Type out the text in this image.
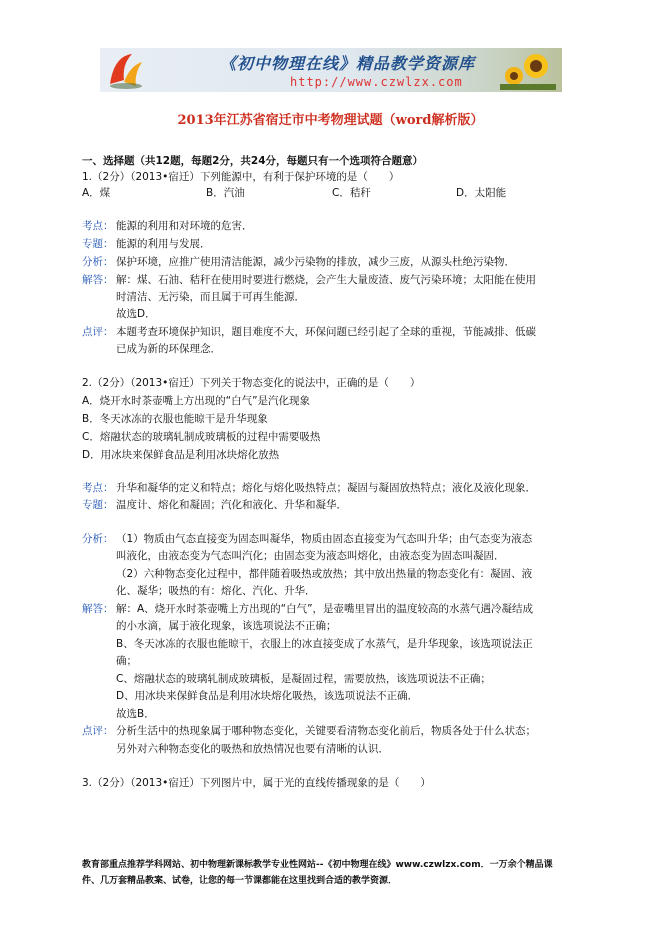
《初中物理在线》精品教学资源库
http://www.czwlzx.com
2013年江苏省宿迁市中考物理试题（word解析版）
一、选择题（共12题，每题2分，共24分，每题只有一个选项符合题意）
1.（2分）（2013•宿迁）下列能源中，有利于保护环境的是（　　）
A．煤	B．汽油	C．秸秆	D．太阳能
考点： 能源的利用和对环境的危害．
专题： 能源的利用与发展．
分析： 保护环境，应推广使用清洁能源，减少污染物的排放，减少三废，从源头杜绝污染物．
解答： 解：煤、石油、秸秆在使用时要进行燃烧，会产生大量废渣、废气污染环境；太阳能在使用
时清洁、无污染，而且属于可再生能源．
故选D．
点评： 本题考查环境保护知识，题目难度不大，环保问题已经引起了全球的重视，节能减排、低碳
已成为新的环保理念．
2.（2分）（2013•宿迁）下列关于物态变化的说法中，正确的是（　　）
A．烧开水时茶壶嘴上方出现的“白气”是汽化现象
B．冬天冰冻的衣服也能晾干是升华现象
C．熔融状态的玻璃轧制成玻璃板的过程中需要吸热
D．用冰块来保鲜食品是利用冰块熔化放热
考点： 升华和凝华的定义和特点；熔化与熔化吸热特点；凝固与凝固放热特点；液化及液化现象．
专题： 温度计、熔化和凝固；汽化和液化、升华和凝华．
分析： （1）物质由气态直接变为固态叫凝华，物质由固态直接变为气态叫升华；由气态变为液态
叫液化，由液态变为气态叫汽化；由固态变为液态叫熔化，由液态变为固态叫凝固．
（2）六种物态变化过程中，都伴随着吸热或放热；其中放出热量的物态变化有：凝固、液
化、凝华；吸热的有：熔化、汽化、升华．
解答： 解：A、烧开水时茶壶嘴上方出现的“白气”，是壶嘴里冒出的温度较高的水蒸气遇冷凝结成
的小水滴，属于液化现象，该选项说法不正确；
B、冬天冰冻的衣服也能晾干，衣服上的冰直接变成了水蒸气，是升华现象，该选项说法正
确；
C、熔融状态的玻璃轧制成玻璃板，是凝固过程，需要放热，该选项说法不正确；
D、用冰块来保鲜食品是利用冰块熔化吸热，该选项说法不正确．
故选B．
点评： 分析生活中的热现象属于哪种物态变化，关键要看清物态变化前后，物质各处于什么状态；
另外对六种物态变化的吸热和放热情况也要有清晰的认识．
3.（2分）（2013•宿迁）下列图片中，属于光的直线传播现象的是（　　）
教育部重点推荐学科网站、初中物理新课标教学专业性网站--《初中物理在线》www.czwlzx.com．一万余个精品课
件、几万套精品教案、试卷，让您的每一节课都能在这里找到合适的教学资源．
